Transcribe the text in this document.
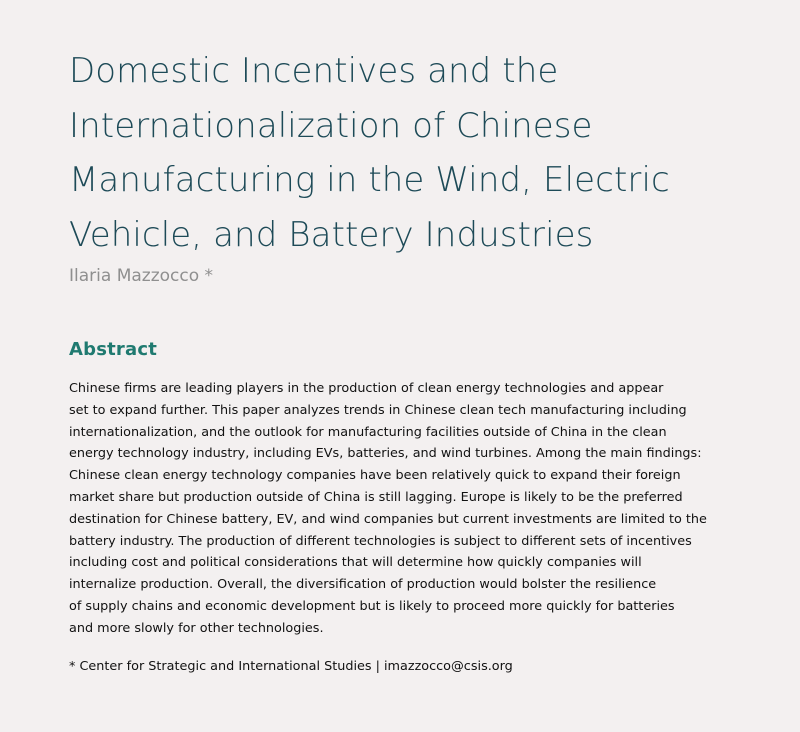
Domestic Incentives and the
Internationalization of Chinese
Manufacturing in the Wind, Electric
Vehicle, and Battery Industries
Ilaria Mazzocco *
Abstract
Chinese firms are leading players in the production of clean energy technologies and appear
set to expand further. This paper analyzes trends in Chinese clean tech manufacturing including
internationalization, and the outlook for manufacturing facilities outside of China in the clean
energy technology industry, including EVs, batteries, and wind turbines. Among the main findings:
Chinese clean energy technology companies have been relatively quick to expand their foreign
market share but production outside of China is still lagging. Europe is likely to be the preferred
destination for Chinese battery, EV, and wind companies but current investments are limited to the
battery industry. The production of different technologies is subject to different sets of incentives
including cost and political considerations that will determine how quickly companies will
internalize production. Overall, the diversification of production would bolster the resilience
of supply chains and economic development but is likely to proceed more quickly for batteries
and more slowly for other technologies.
* Center for Strategic and International Studies | imazzocco@csis.org
